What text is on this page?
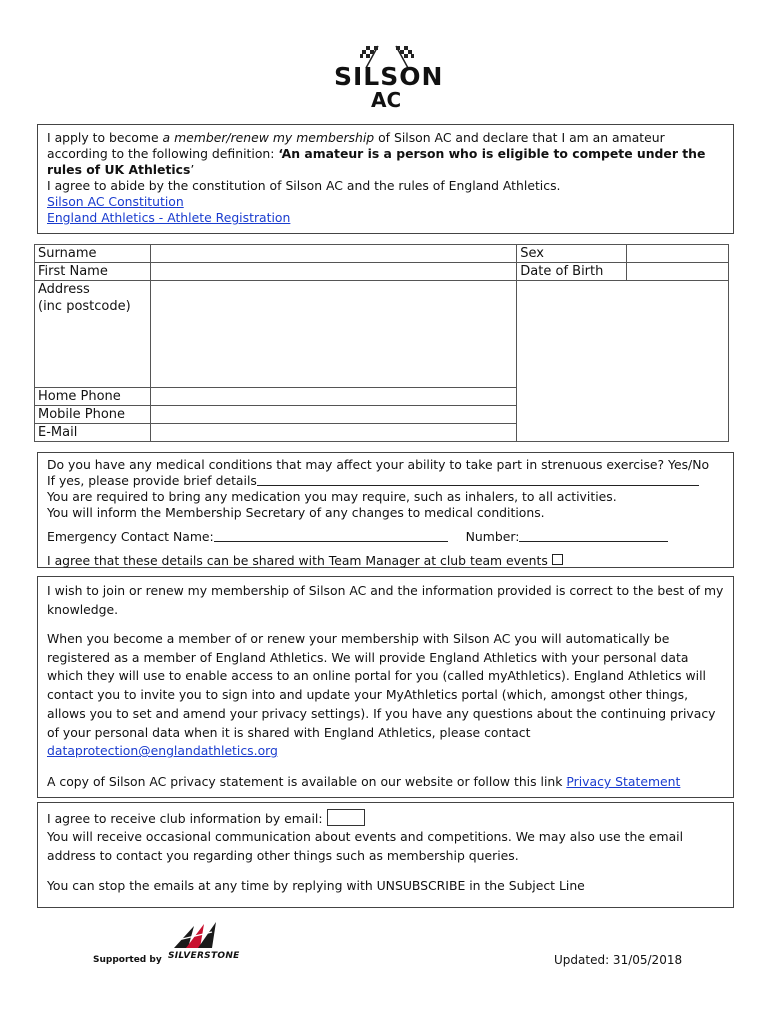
SILSON
AC
I apply to become a member/renew my membership of Silson AC and declare that I am an amateur
according to the following definition: ‘An amateur is a person who is eligible to compete under the
rules of UK Athletics’
I agree to abide by the constitution of Silson AC and the rules of England Athletics.
Silson AC Constitution
England Athletics - Athlete Registration
Surname		Sex	
First Name		Date of Birth	

Address
(inc postcode)			

Home Phone			
Mobile Phone			
E-Mail			
Do you have any medical conditions that may affect your ability to take part in strenuous exercise? Yes/No
If yes, please provide brief details
You are required to bring any medication you may require, such as inhalers, to all activities.
You will inform the Membership Secretary of any changes to medical conditions.
Emergency Contact Name:	Number:
I agree that these details can be shared with Team Manager at club team events
I wish to join or renew my membership of Silson AC and the information provided is correct to the best of my knowledge.
When you become a member of or renew your membership with Silson AC you will automatically be registered as a member of England Athletics. We will provide England Athletics with your personal data which they will use to enable access to an online portal for you (called myAthletics). England Athletics will contact you to invite you to sign into and update your MyAthletics portal (which, amongst other things, allows you to set and amend your privacy settings). If you have any questions about the continuing privacy of your personal data when it is shared with England Athletics, please contact dataprotection@englandathletics.org
A copy of Silson AC privacy statement is available on our website or follow this link Privacy Statement
I agree to receive club information by email:
You will receive occasional communication about events and competitions. We may also use the email address to contact you regarding other things such as membership queries.
You can stop the emails at any time by replying with UNSUBSCRIBE in the Subject Line
Supported by SILVERSTONE	Updated: 31/05/2018
